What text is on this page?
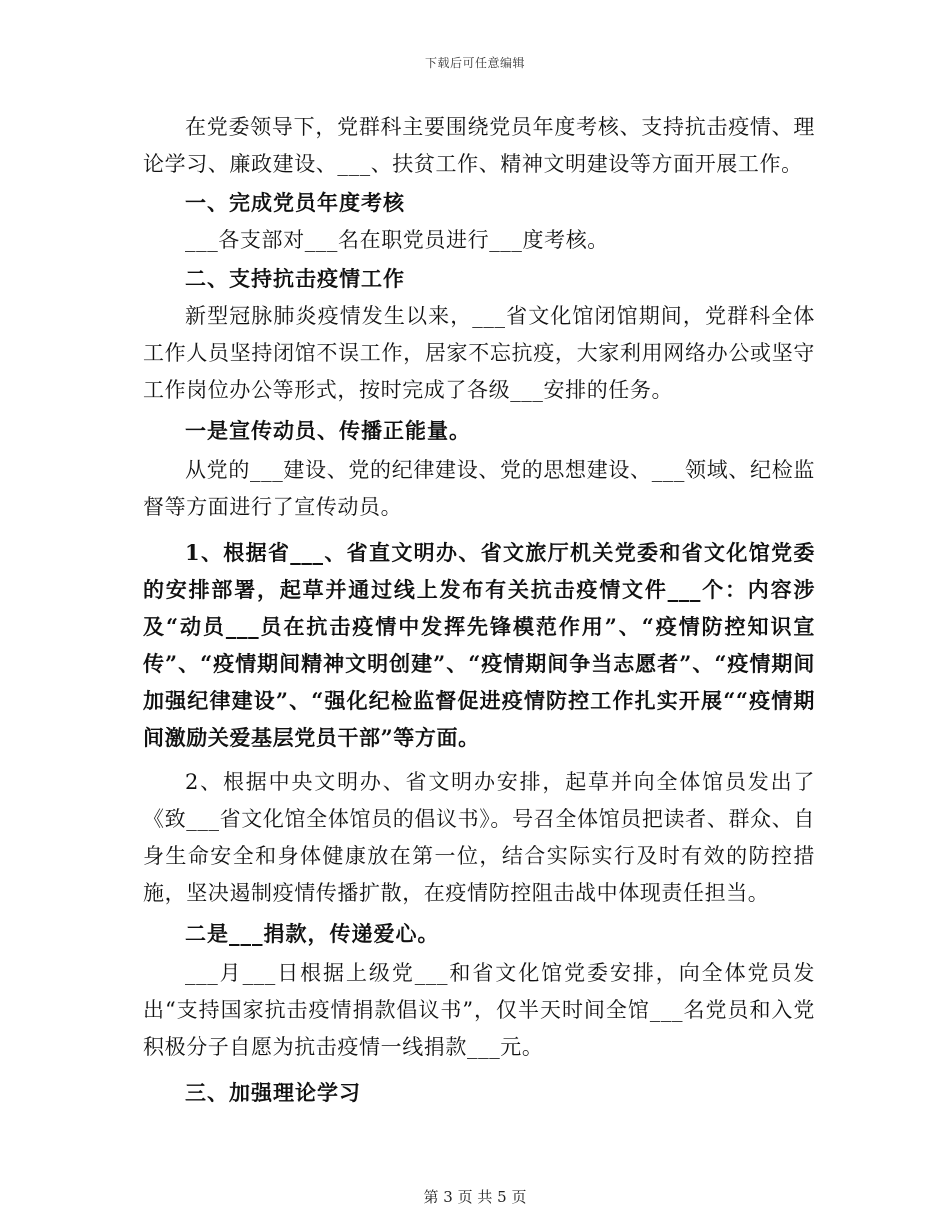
下载后可任意编辑

在党委领导下，党群科主要围绕党员年度考核、支持抗击疫情、理论学习、廉政建设、___、扶贫工作、精神文明建设等方面开展工作。

一、完成党员年度考核

___各支部对___名在职党员进行___度考核。

二、支持抗击疫情工作

新型冠脉肺炎疫情发生以来，___省文化馆闭馆期间，党群科全体工作人员坚持闭馆不误工作，居家不忘抗疫，大家利用网络办公或坚守工作岗位办公等形式，按时完成了各级___安排的任务。

一是宣传动员、传播正能量。

从党的___建设、党的纪律建设、党的思想建设、___领域、纪检监督等方面进行了宣传动员。

1、根据省___、省直文明办、省文旅厅机关党委和省文化馆党委的安排部署，起草并通过线上发布有关抗击疫情文件___个：内容涉及“动员___员在抗击疫情中发挥先锋模范作用”、“疫情防控知识宣传”、“疫情期间精神文明创建”、“疫情期间争当志愿者”、“疫情期间加强纪律建设”、“强化纪检监督促进疫情防控工作扎实开展““疫情期间激励关爱基层党员干部”等方面。

2、根据中央文明办、省文明办安排，起草并向全体馆员发出了《致___省文化馆全体馆员的倡议书》。号召全体馆员把读者、群众、自身生命安全和身体健康放在第一位，结合实际实行及时有效的防控措施，坚决遏制疫情传播扩散，在疫情防控阻击战中体现责任担当。

二是___捐款，传递爱心。

___月___日根据上级党___和省文化馆党委安排，向全体党员发出“支持国家抗击疫情捐款倡议书”，仅半天时间全馆___名党员和入党积极分子自愿为抗击疫情一线捐款___元。

三、加强理论学习

第 3 页 共 5 页
